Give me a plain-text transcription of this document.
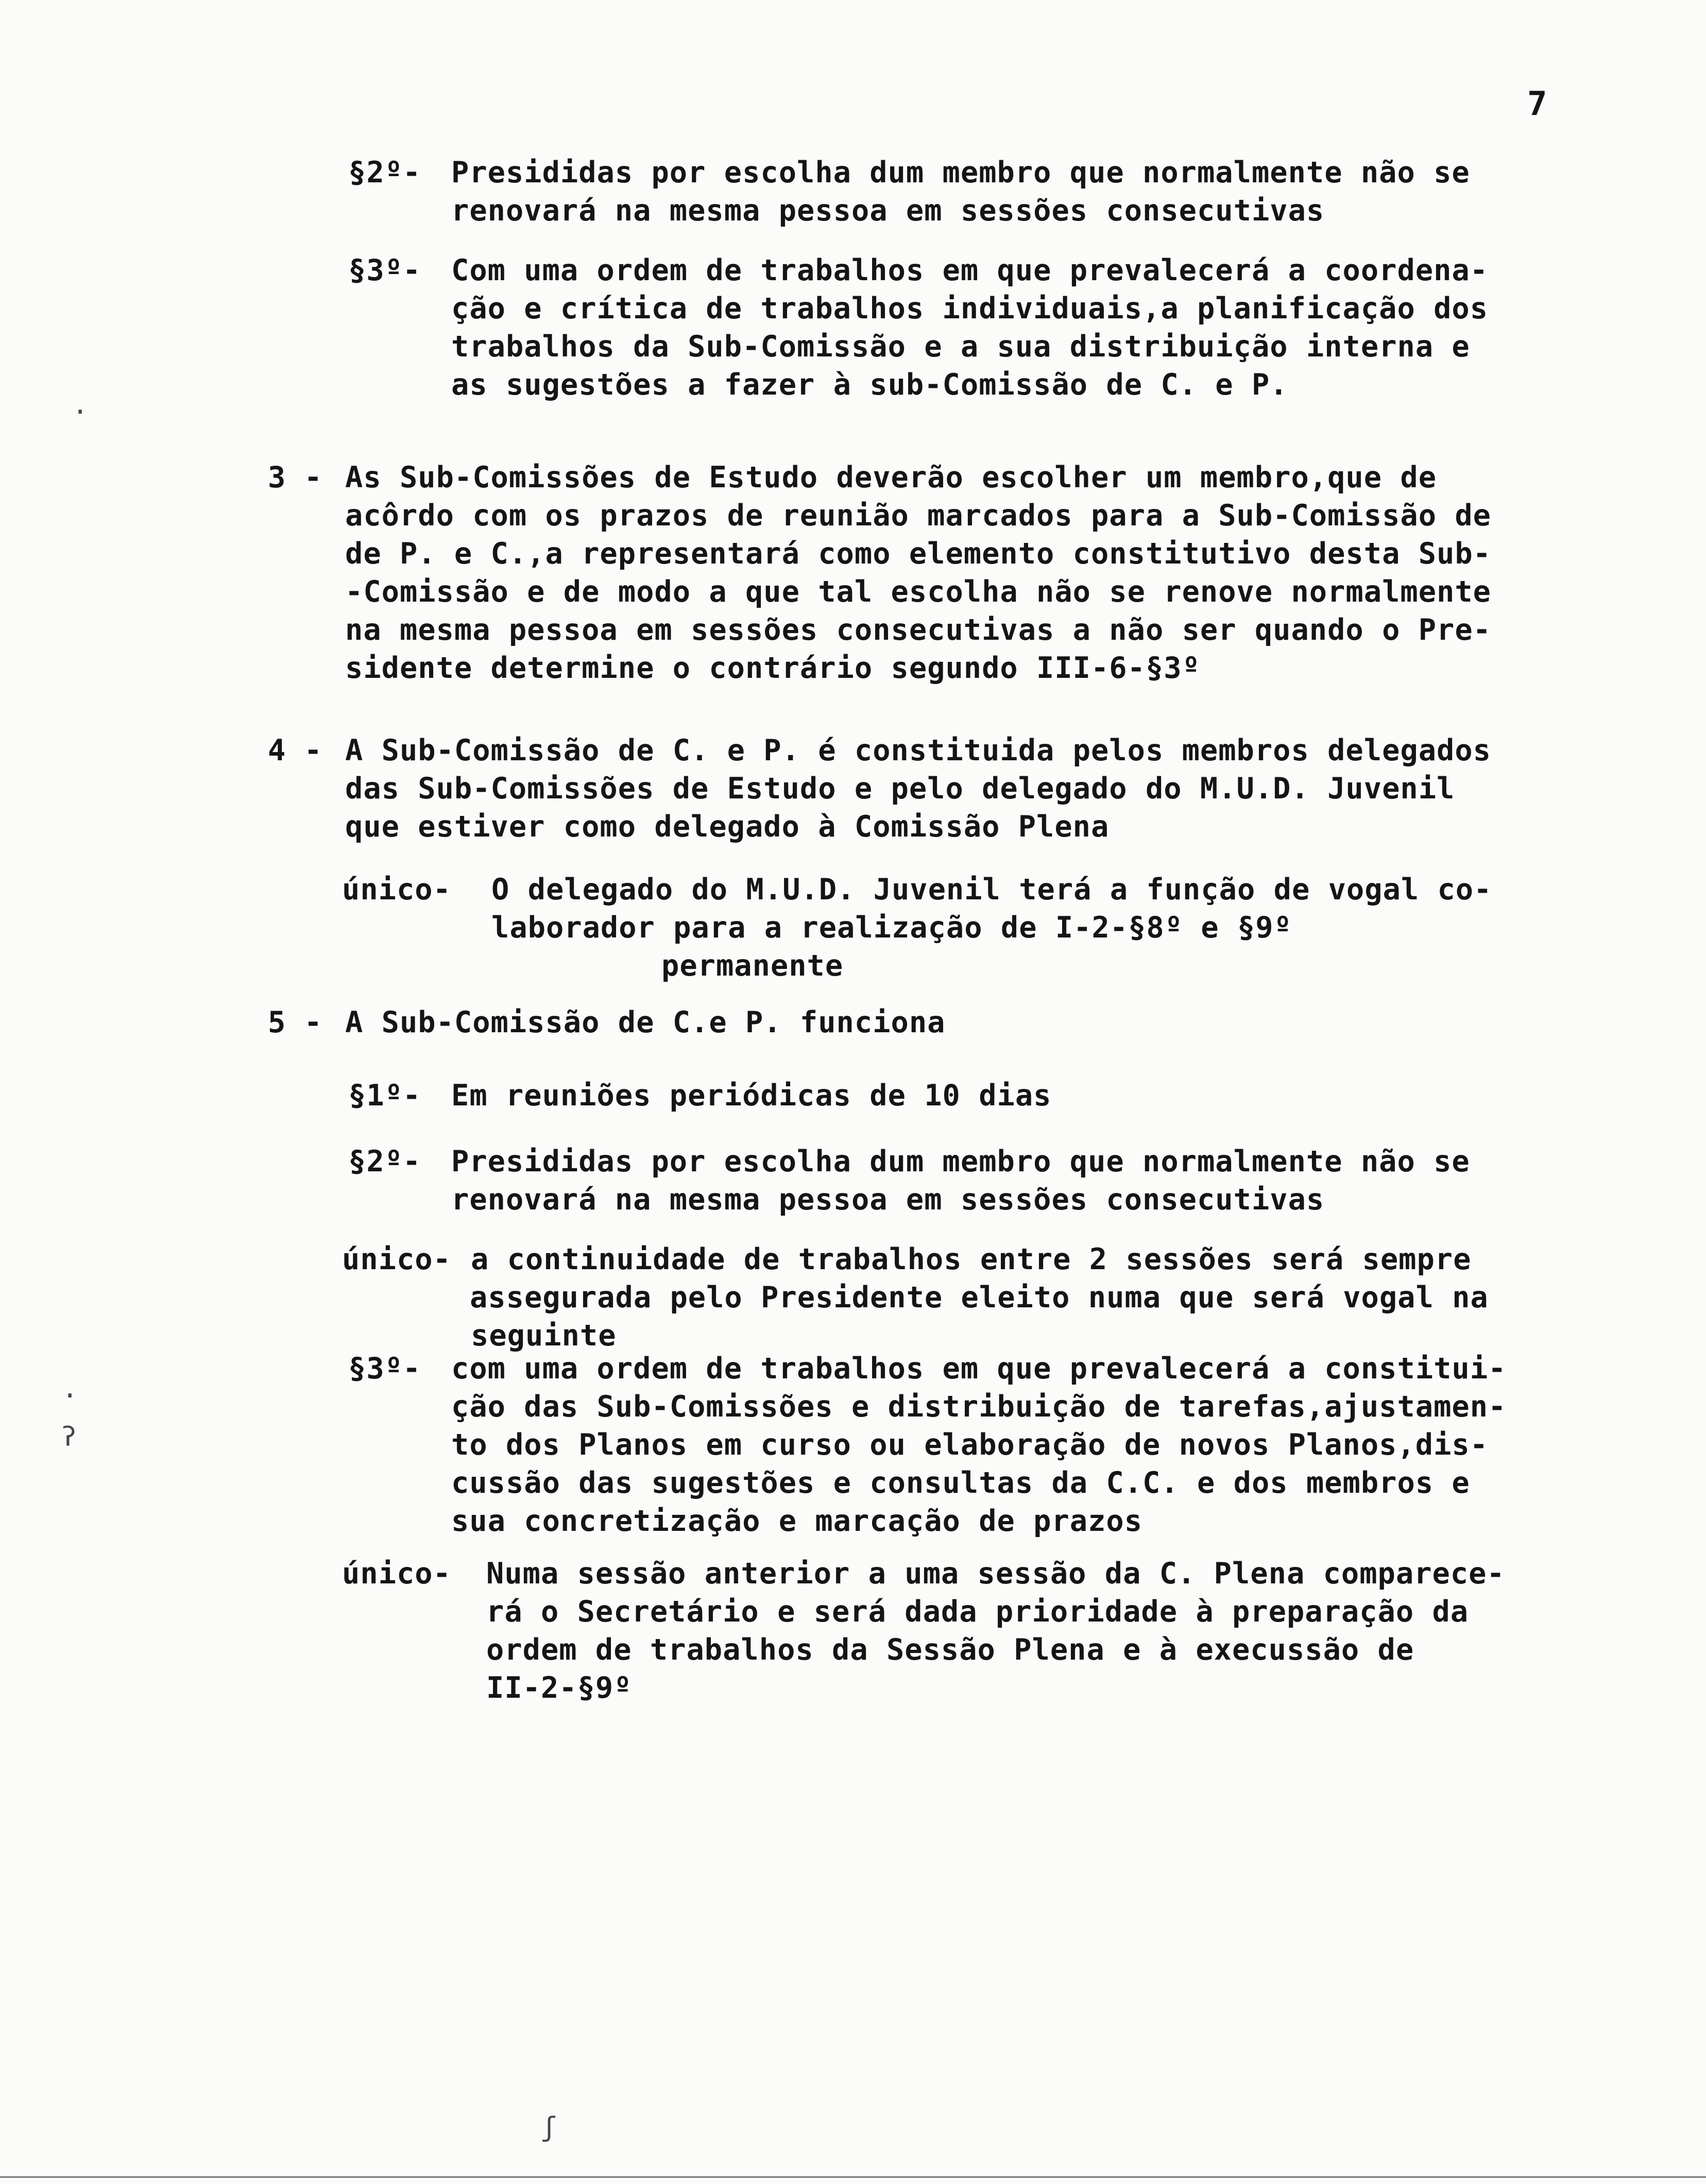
7
§2º- Presididas por escolha dum membro que normalmente não se
renovará na mesma pessoa em sessões consecutivas
§3º- Com uma ordem de trabalhos em que prevalecerá a coordena-
ção e crítica de trabalhos individuais,a planificação dos
trabalhos da Sub-Comissão e a sua distribuição interna e
as sugestões a fazer à sub-Comissão de C. e P.
3 - As Sub-Comissões de Estudo deverão escolher um membro,que de
acôrdo com os prazos de reunião marcados para a Sub-Comissão de
de P. e C.,a representará como elemento constitutivo desta Sub-
-Comissão e de modo a que tal escolha não se renove normalmente
na mesma pessoa em sessões consecutivas a não ser quando o Pre-
sidente determine o contrário segundo III-6-§3º
4 - A Sub-Comissão de C. e P. é constituida pelos membros delegados
das Sub-Comissões de Estudo e pelo delegado do M.U.D. Juvenil
que estiver como delegado à Comissão Plena
único- O delegado do M.U.D. Juvenil terá a função de vogal co-
laborador para a realização de I-2-§8º e §9º
permanente
5 - A Sub-Comissão de C.e P. funciona
§1º- Em reuniões periódicas de 10 dias
§2º- Presididas por escolha dum membro que normalmente não se
renovará na mesma pessoa em sessões consecutivas
único- a continuidade de trabalhos entre 2 sessões será sempre
assegurada pelo Presidente eleito numa que será vogal na
seguinte
§3º- com uma ordem de trabalhos em que prevalecerá a constitui-
ção das Sub-Comissões e distribuição de tarefas,ajustamen-
to dos Planos em curso ou elaboração de novos Planos,dis-
cussão das sugestões e consultas da C.C. e dos membros e
sua concretização e marcação de prazos
único- Numa sessão anterior a uma sessão da C. Plena comparece-
rá o Secretário e será dada prioridade à preparação da
ordem de trabalhos da Sessão Plena e à execussão de
II-2-§9º
·
·
ʔ
ʃ
